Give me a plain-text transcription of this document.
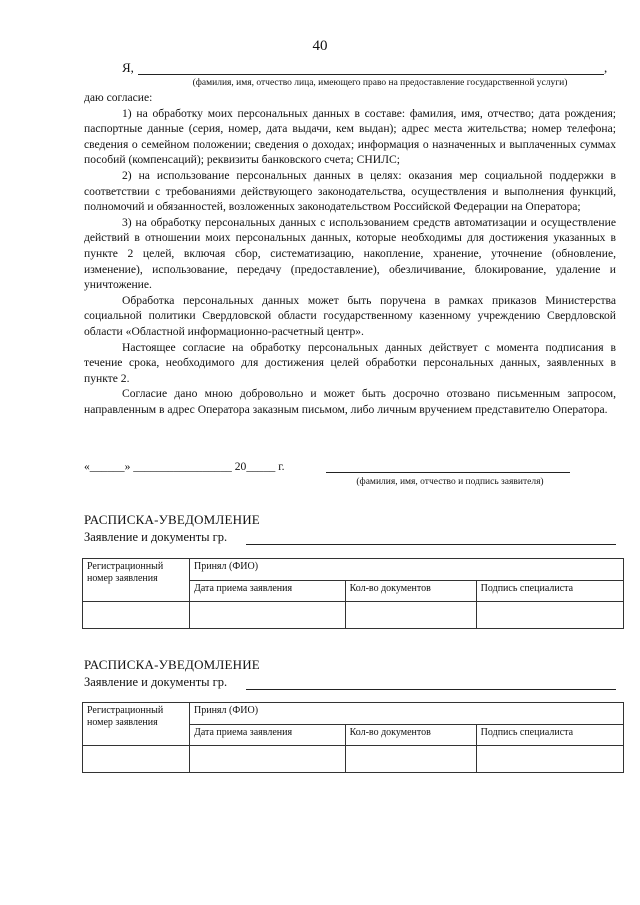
40
Я,	,
(фамилия, имя, отчество лица, имеющего право на предоставление государственной услуги)

даю согласие:

1) на обработку моих персональных данных в составе: фамилия, имя, отчество; дата рождения; паспортные данные (серия, номер, дата выдачи, кем выдан); адрес места жительства; номер телефона; сведения о семейном положении; сведения о доходах; информация о назначенных и выплаченных суммах пособий (компенсаций); реквизиты банковского счета; СНИЛС;

2) на использование персональных данных в целях: оказания мер социальной поддержки в соответствии с требованиями действующего законодательства, осуществления и выполнения функций, полномочий и обязанностей, возложенных законодательством Российской Федерации на Оператора;

3) на обработку персональных данных с использованием средств автоматизации и осуществление действий в отношении моих персональных данных, которые необходимы для достижения указанных в пункте 2 целей, включая сбор, систематизацию, накопление, хранение, уточнение (обновление, изменение), использование, передачу (предоставление), обезличивание, блокирование, удаление и уничтожение.

Обработка персональных данных может быть поручена в рамках приказов Министерства социальной политики Свердловской области государственному казенному учреждению Свердловской области «Областной информационно-расчетный центр».

Настоящее согласие на обработку персональных данных действует с момента подписания в течение срока, необходимого для достижения целей обработки персональных данных, заявленных в пункте 2.

Согласие дано мною добровольно и может быть досрочно отозвано письменным запросом, направленным в адрес Оператора заказным письмом, либо личным вручением представителю Оператора.

«______» _________________ 20_____ г.
(фамилия, имя, отчество и подпись заявителя)
РАСПИСКА-УВЕДОМЛЕНИЕ
Заявление и документы гр.
Регистрационный номер заявления	Принял (ФИО)		
	Дата приема заявления	Кол-во документов	Подпись специалиста

РАСПИСКА-УВЕДОМЛЕНИЕ
Заявление и документы гр.
Регистрационный номер заявления	Принял (ФИО)		
	Дата приема заявления	Кол-во документов	Подпись специалиста
